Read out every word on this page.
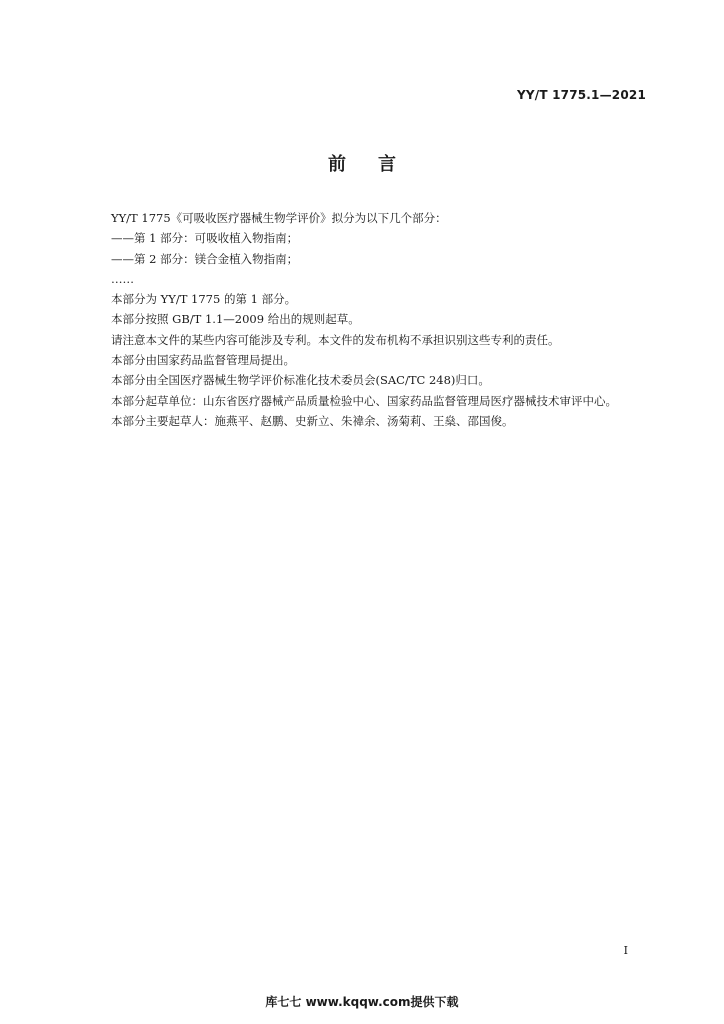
YY/T 1775.1—2021
前言

YY/T 1775《可吸收医疗器械生物学评价》拟分为以下几个部分：

——第 1 部分：可吸收植入物指南；

——第 2 部分：镁合金植入物指南；

……

本部分为 YY/T 1775 的第 1 部分。

本部分按照 GB/T 1.1—2009 给出的规则起草。

请注意本文件的某些内容可能涉及专利。本文件的发布机构不承担识别这些专利的责任。

本部分由国家药品监督管理局提出。

本部分由全国医疗器械生物学评价标准化技术委员会(SAC/TC 248)归口。

本部分起草单位：山东省医疗器械产品质量检验中心、国家药品监督管理局医疗器械技术审评中心。

本部分主要起草人：施燕平、赵鹏、史新立、朱禕余、汤菊莉、王燊、邵国俊。

I
库七七 www.kqqw.com提供下载
